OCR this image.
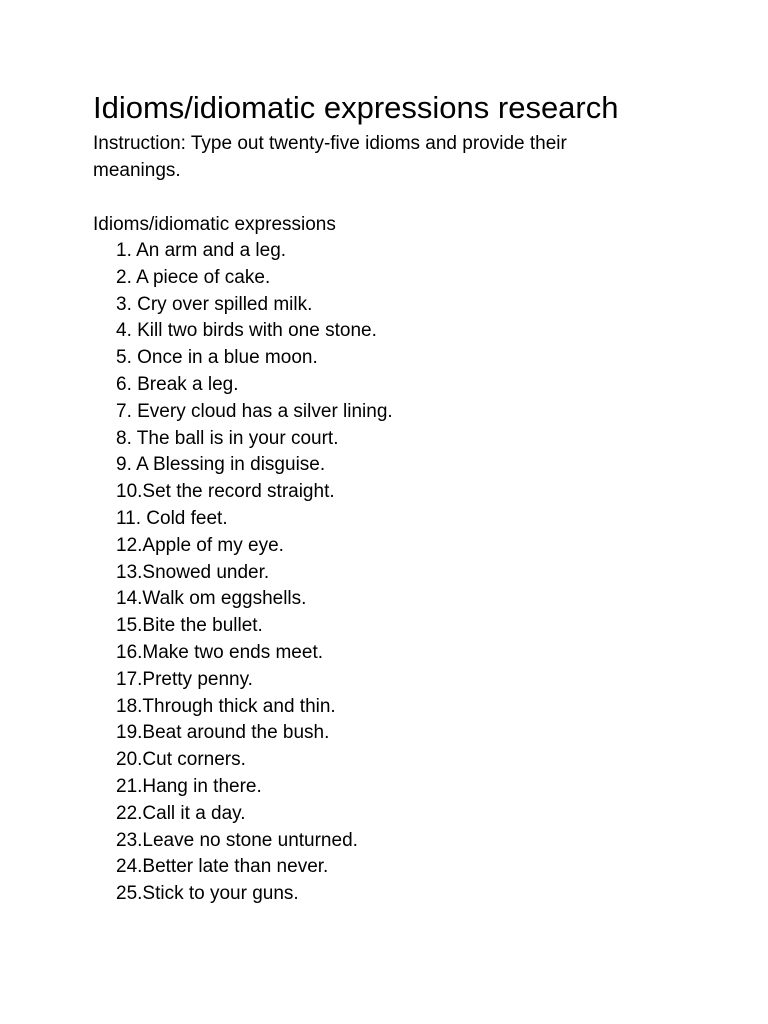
Idioms/idiomatic expressions research

Instruction: Type out twenty-five idioms and provide their meanings.

Idioms/idiomatic expressions

1. An arm and a leg.
2. A piece of cake.
3. Cry over spilled milk.
4. Kill two birds with one stone.
5. Once in a blue moon.
6. Break a leg.
7. Every cloud has a silver lining.
8. The ball is in your court.
9. A Blessing in disguise.
10.Set the record straight.
11. Cold feet.
12.Apple of my eye.
13.Snowed under.
14.Walk om eggshells.
15.Bite the bullet.
16.Make two ends meet.
17.Pretty penny.
18.Through thick and thin.
19.Beat around the bush.
20.Cut corners.
21.Hang in there.
22.Call it a day.
23.Leave no stone unturned.
24.Better late than never.
25.Stick to your guns.
